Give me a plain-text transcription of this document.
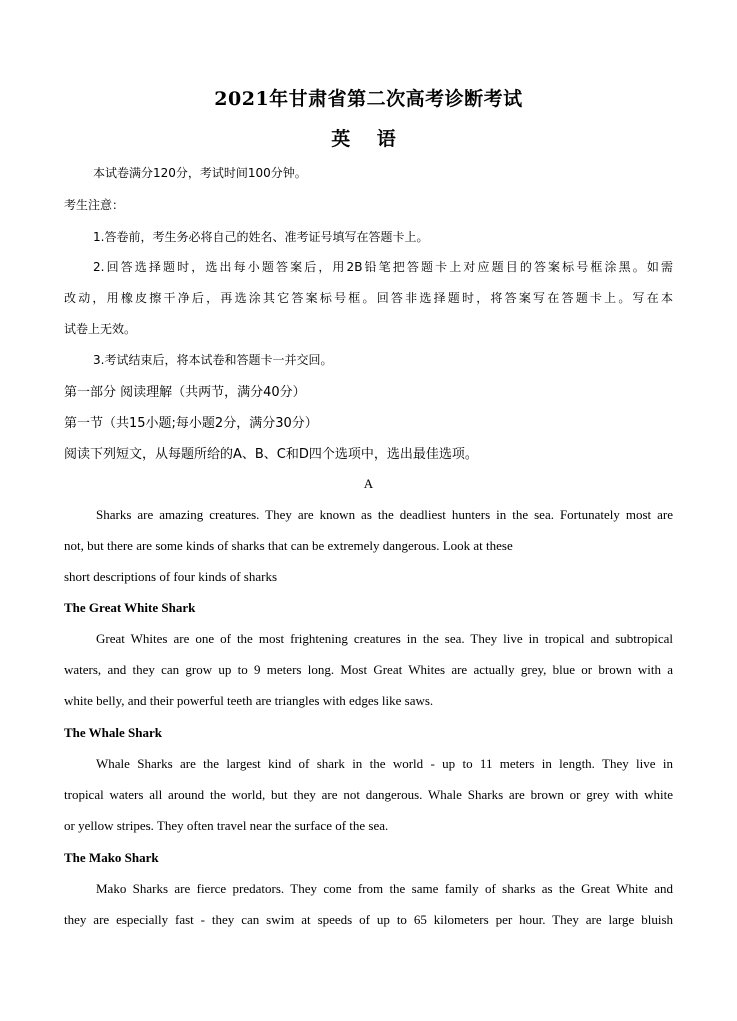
2021年甘肃省第二次高考诊断考试
英 语
本试卷满分120分，考试时间100分钟。
考生注意：
1.答卷前，考生务必将自己的姓名、准考证号填写在答题卡上。
2.回答选择题时，选出每小题答案后，用2B铅笔把答题卡上对应题目的答案标号框涂黑。如需
改动，用橡皮擦干净后，再选涂其它答案标号框。回答非选择题时，将答案写在答题卡上。写在本
试卷上无效。
3.考试结束后，将本试卷和答题卡一并交回。
第一部分 阅读理解（共两节，满分40分）
第一节（共15小题;每小题2分，满分30分）
阅读下列短文，从每题所给的A、B、C和D四个选项中，选出最佳选项。
A
Sharks are amazing creatures. They are known as the deadliest hunters in the sea. Fortunately most are
not, but there are some kinds of sharks that can be extremely dangerous. Look at these
short descriptions of four kinds of sharks
The Great White Shark
Great Whites are one of the most frightening creatures in the sea. They live in tropical and subtropical
waters, and they can grow up to 9 meters long. Most Great Whites are actually grey, blue or brown with a
white belly, and their powerful teeth are triangles with edges like saws.
The Whale Shark
Whale Sharks are the largest kind of shark in the world - up to 11 meters in length. They live in
tropical waters all around the world, but they are not dangerous. Whale Sharks are brown or grey with white
or yellow stripes. They often travel near the surface of the sea.
The Mako Shark
Mako Sharks are fierce predators. They come from the same family of sharks as the Great White and
they are especially fast - they can swim at speeds of up to 65 kilometers per hour. They are large bluish
